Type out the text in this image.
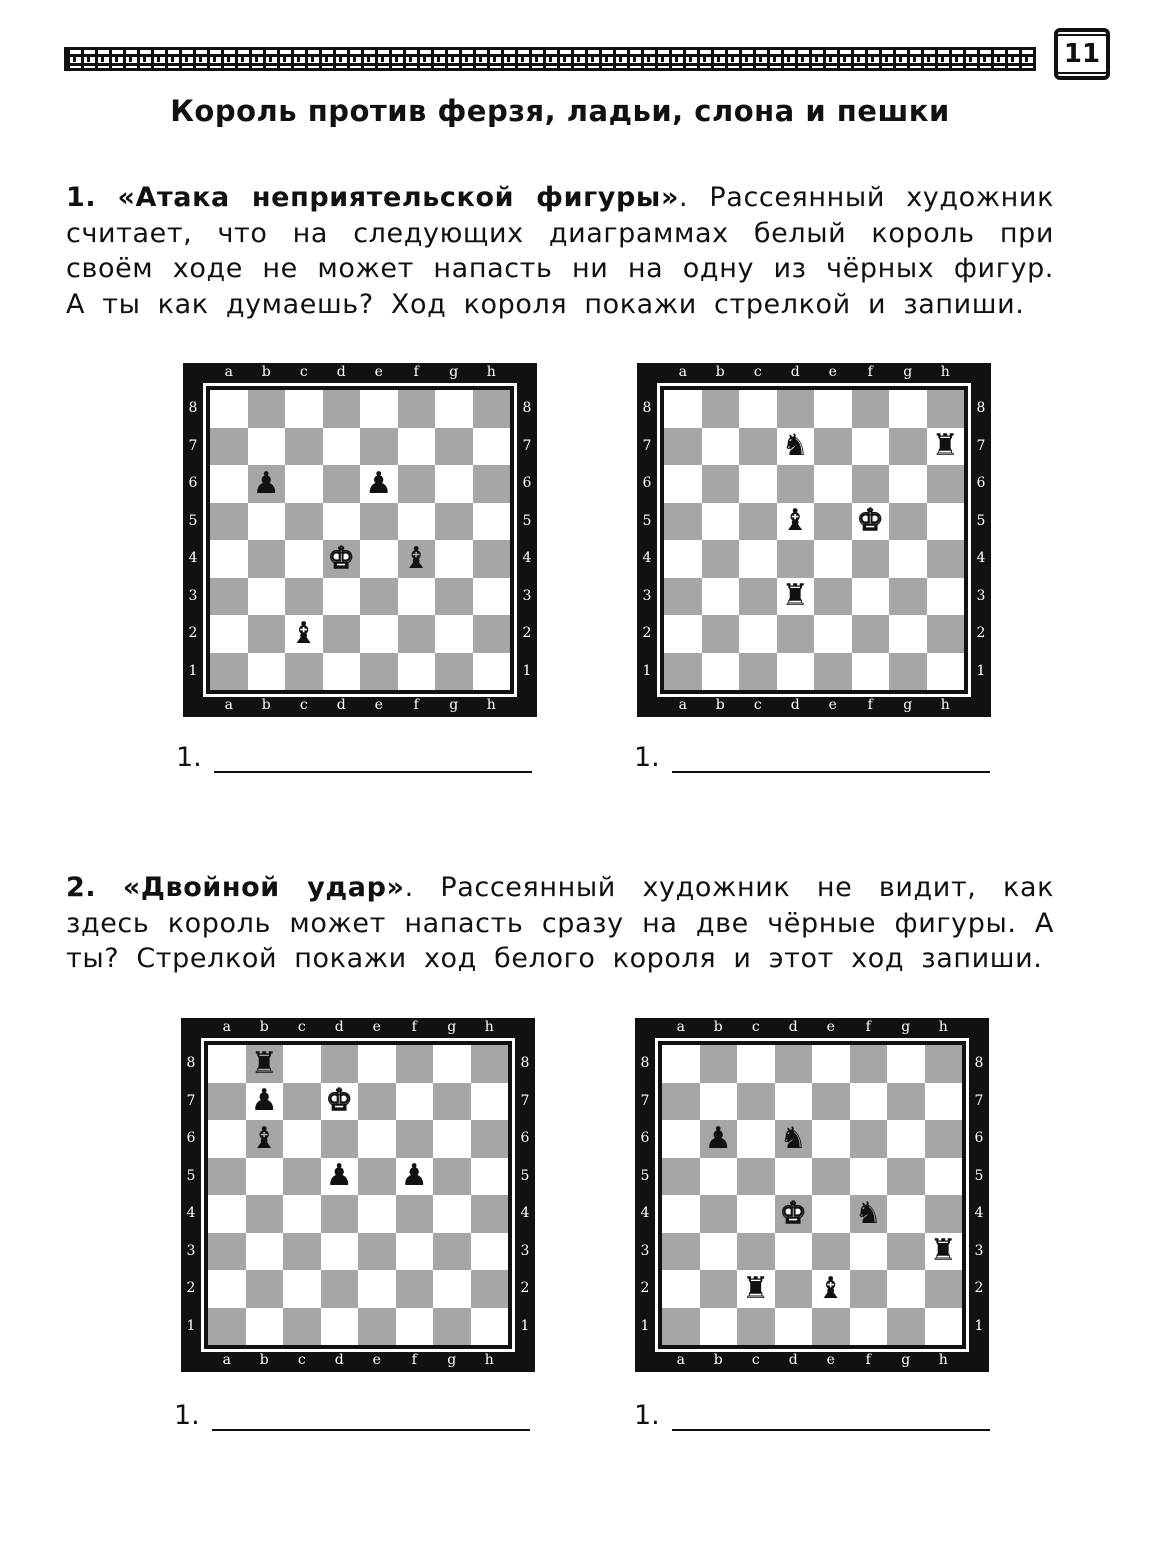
11
Король против ферзя, ладьи, слона и пешки
1. «Атака неприятельской фигуры». Рассеянный художник считает, что на следующих диаграммах белый король при своём ходе не может напасть ни на одну из чёрных фигур. А ты как думаешь? Ход короля покажи стрелкой и запиши.
a
a
b
b
c
c
d
d
e
e
f
f
g
g
h
h
8	8
7	7
6	6
5	5
4	4
3	3
2	2
1	1
♟	♟
♚ ♝
♝
a
a
b
b
c
c
d
d
e
e
f
f
g
g
h
h
8	8
7	7
6	6
5	5
4	4
3	3
2	2
1	1
♞	♜
♝ ♚
♜
1.	1.
2. «Двойной удар». Рассеянный художник не видит, как здесь король может напасть сразу на две чёрные фигуры. А ты? Стрелкой покажи ход белого короля и этот ход запиши.
a
a
b
b
c
c
d
d
e
e
f
f
g
g
h
h
8	8
7	7
6	6
5	5
4	4
3	3
2	2
1	1
♜
♟ ♚
♝
♟ ♟
a
a
b
b
c
c
d
d
e
e
f
f
g
g
h
h
8	8
7	7
6	6
5	5
4	4
3	3
2	2
1	1
♟ ♞
♚ ♞
♜
♜ ♝
1.	1.
